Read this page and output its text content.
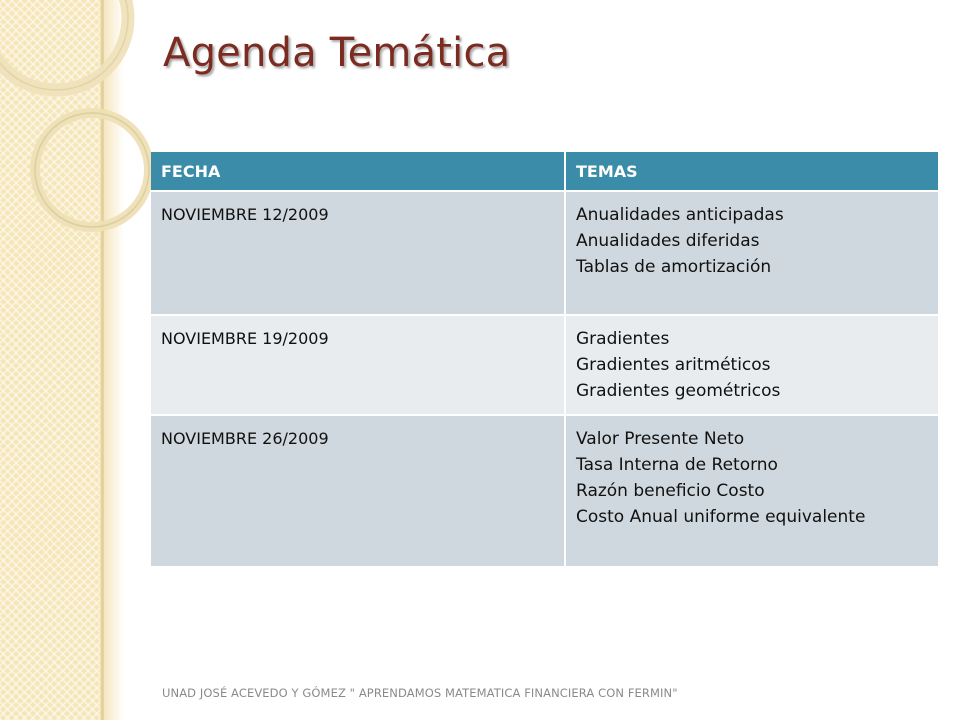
Agenda Temática
FECHA	TEMAS
NOVIEMBRE 12/2009	Anualidades anticipadas
Anualidades diferidas
Tablas de amortización

NOVIEMBRE 19/2009	Gradientes
Gradientes aritméticos
Gradientes geométricos

NOVIEMBRE 26/2009	Valor Presente Neto
Tasa Interna de Retorno
Razón beneficio Costo
Costo Anual uniforme equivalente
UNAD JOSÉ ACEVEDO Y GÓMEZ " APRENDAMOS MATEMATICA FINANCIERA CON FERMIN"
